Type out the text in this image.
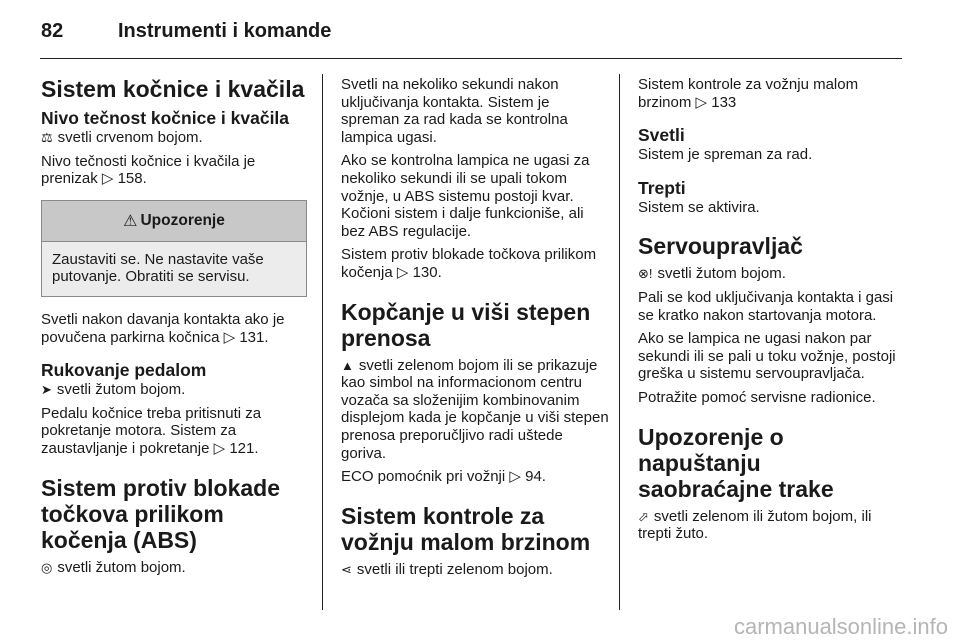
82	Instrumenti i komande
Sistem kočnice i kvačila
Nivo tečnost kočnice i kvačila

⚖ svetli crvenom bojom.

Nivo tečnosti kočnice i kvačila je prenizak ▷ 158.

⚠ Upozorenje

Zaustaviti se. Ne nastavite vaše putovanje. Obratiti se servisu.

Svetli nakon davanja kontakta ako je povučena parkirna kočnica ▷ 131.

Rukovanje pedalom

➤ svetli žutom bojom.

Pedalu kočnice treba pritisnuti za pokretanje motora. Sistem za zaustavljanje i pokretanje ▷ 121.

Sistem protiv blokade točkova prilikom kočenja (ABS)

◎ svetli žutom bojom.

Svetli na nekoliko sekundi nakon uključivanja kontakta. Sistem je spreman za rad kada se kontrolna lampica ugasi.

Ako se kontrolna lampica ne ugasi za nekoliko sekundi ili se upali tokom vožnje, u ABS sistemu postoji kvar. Kočioni sistem i dalje funkcioniše, ali bez ABS regulacije.

Sistem protiv blokade točkova prilikom kočenja ▷ 130.

Kopčanje u viši stepen prenosa

▲ svetli zelenom bojom ili se prikazuje kao simbol na informacionom centru vozača sa složenijim kombinovanim displejom kada je kopčanje u viši stepen prenosa preporučljivo radi uštede goriva.

ECO pomoćnik pri vožnji ▷ 94.

Sistem kontrole za vožnju malom brzinom

⋖ svetli ili trepti zelenom bojom.

Sistem kontrole za vožnju malom brzinom ▷ 133

Svetli

Sistem je spreman za rad.

Trepti

Sistem se aktivira.

Servoupravljač

⊗! svetli žutom bojom.

Pali se kod uključivanja kontakta i gasi se kratko nakon startovanja motora.

Ako se lampica ne ugasi nakon par sekundi ili se pali u toku vožnje, postoji greška u sistemu servoupravljača.

Potražite pomoć servisne radionice.

Upozorenje o napuštanju saobraćajne trake

⬀ svetli zelenom ili žutom bojom, ili trepti žuto.

carmanualsonline.info
